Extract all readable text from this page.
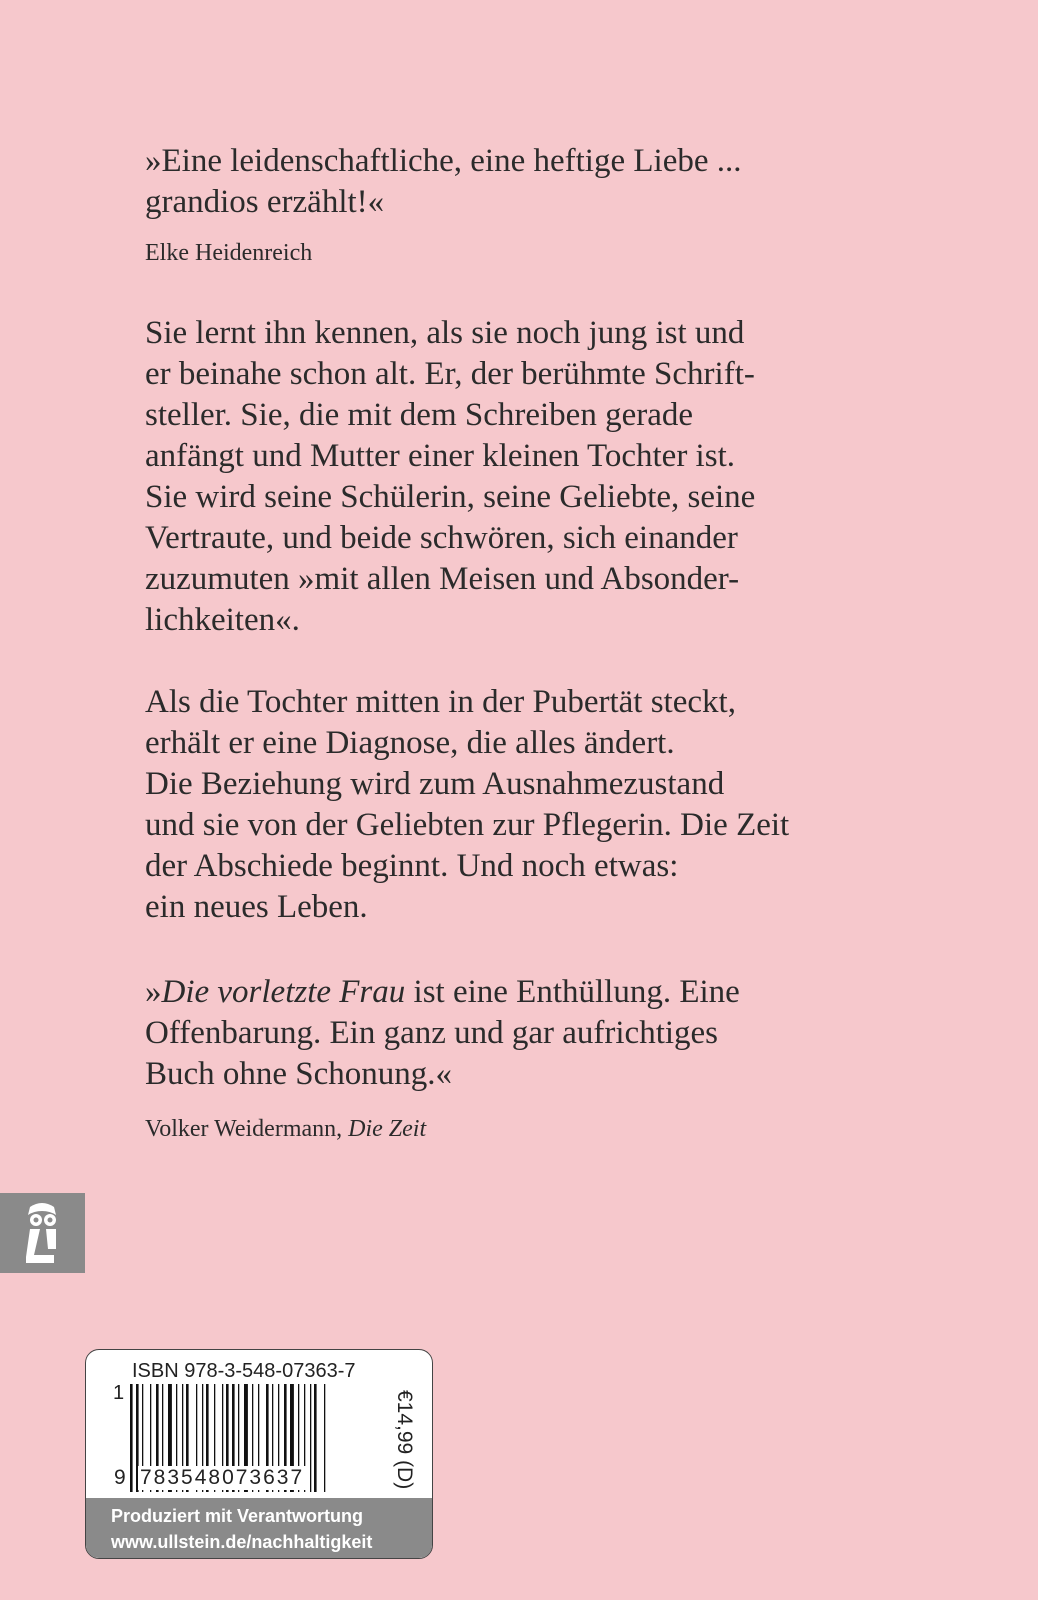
»Eine leidenschaftliche, eine heftige Liebe ...
grandios erzählt!«
Elke Heidenreich
Sie lernt ihn kennen, als sie noch jung ist und
er beinahe schon alt. Er, der berühmte Schrift-
steller. Sie, die mit dem Schreiben gerade
anfängt und Mutter einer kleinen Tochter ist.
Sie wird seine Schülerin, seine Geliebte, seine
Vertraute, und beide schwören, sich einander
zuzumuten »mit allen Meisen und Absonder-
lichkeiten«.
Als die Tochter mitten in der Pubertät steckt,
erhält er eine Diagnose, die alles ändert.
Die Beziehung wird zum Ausnahmezustand
und sie von der Geliebten zur Pflegerin. Die Zeit
der Abschiede beginnt. Und noch etwas:
ein neues Leben.
»Die vorletzte Frau ist eine Enthüllung. Eine
Offenbarung. Ein ganz und gar aufrichtiges
Buch ohne Schonung.«
Volker Weidermann, Die Zeit
ISBN 978-3-548-07363-7
1
9 783548073637	€14,99 (D)
Produziert mit Verantwortung
www.ullstein.de/nachhaltigkeit
